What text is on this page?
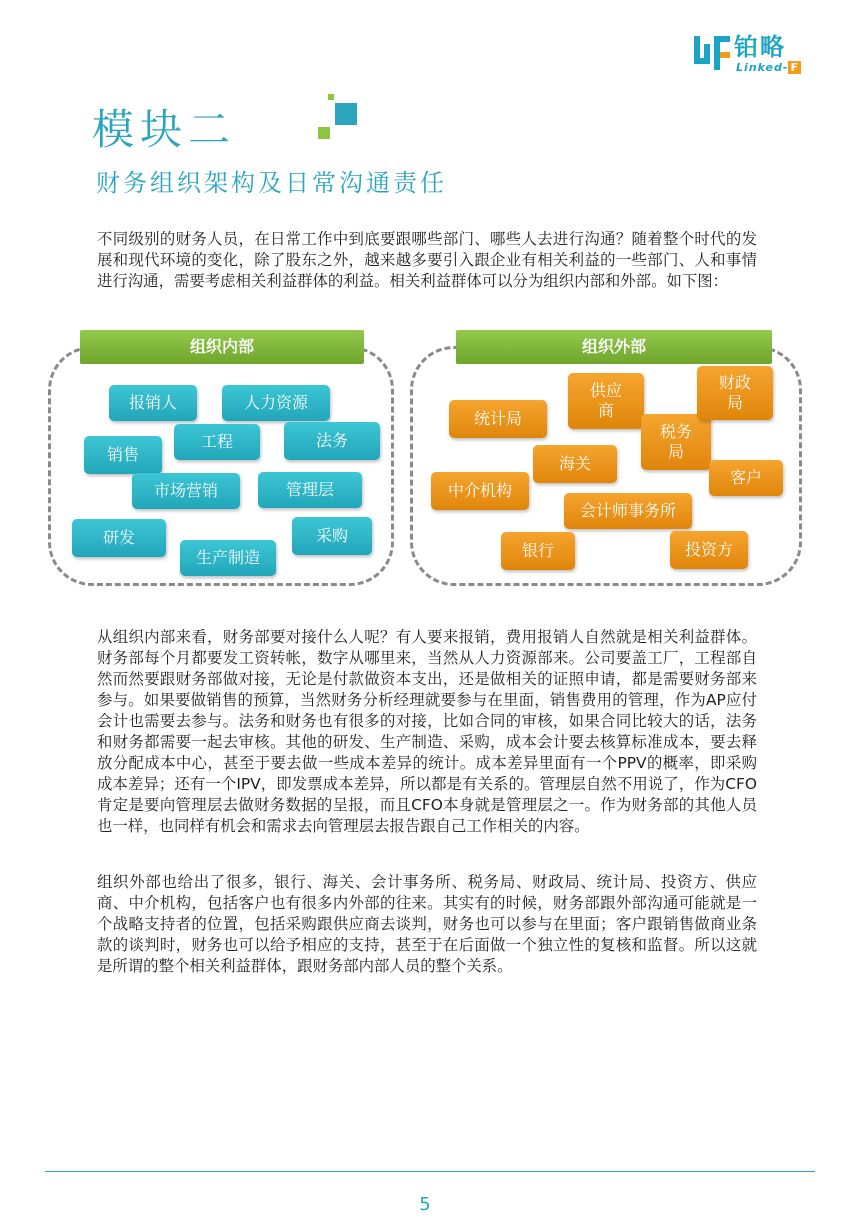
铂略
Linked- F
模块二
财务组织架构及日常沟通责任
不同级别的财务人员，在日常工作中到底要跟哪些部门、哪些人去进行沟通？随着整个时代的发展和现代环境的变化，除了股东之外，越来越多要引入跟企业有相关利益的一些部门、人和事情进行沟通，需要考虑相关利益群体的利益。相关利益群体可以分为组织内部和外部。如下图：
组织内部	组织外部
报销人	人力资源
工程	法务
销售
市场营销	管理层
研发
生产制造
采购
统计局
供应
商
税务
局
财政
局
海关
客户
中介机构
会计师事务所
银行	投资方
从组织内部来看，财务部要对接什么人呢？有人要来报销，费用报销人自然就是相关利益群体。财务部每个月都要发工资转帐，数字从哪里来，当然从人力资源部来。公司要盖工厂，工程部自然而然要跟财务部做对接，无论是付款做资本支出，还是做相关的证照申请，都是需要财务部来参与。如果要做销售的预算，当然财务分析经理就要参与在里面，销售费用的管理，作为AP应付会计也需要去参与。法务和财务也有很多的对接，比如合同的审核，如果合同比较大的话，法务和财务都需要一起去审核。其他的研发、生产制造、采购，成本会计要去核算标准成本，要去释放分配成本中心，甚至于要去做一些成本差异的统计。成本差异里面有一个PPV的概率，即采购成本差异；还有一个IPV，即发票成本差异，所以都是有关系的。管理层自然不用说了，作为CFO肯定是要向管理层去做财务数据的呈报，而且CFO本身就是管理层之一。作为财务部的其他人员也一样，也同样有机会和需求去向管理层去报告跟自己工作相关的内容。
组织外部也给出了很多，银行、海关、会计事务所、税务局、财政局、统计局、投资方、供应商、中介机构，包括客户也有很多内外部的往来。其实有的时候，财务部跟外部沟通可能就是一个战略支持者的位置，包括采购跟供应商去谈判，财务也可以参与在里面；客户跟销售做商业条款的谈判时，财务也可以给予相应的支持，甚至于在后面做一个独立性的复核和监督。所以这就是所谓的整个相关利益群体，跟财务部内部人员的整个关系。
5
